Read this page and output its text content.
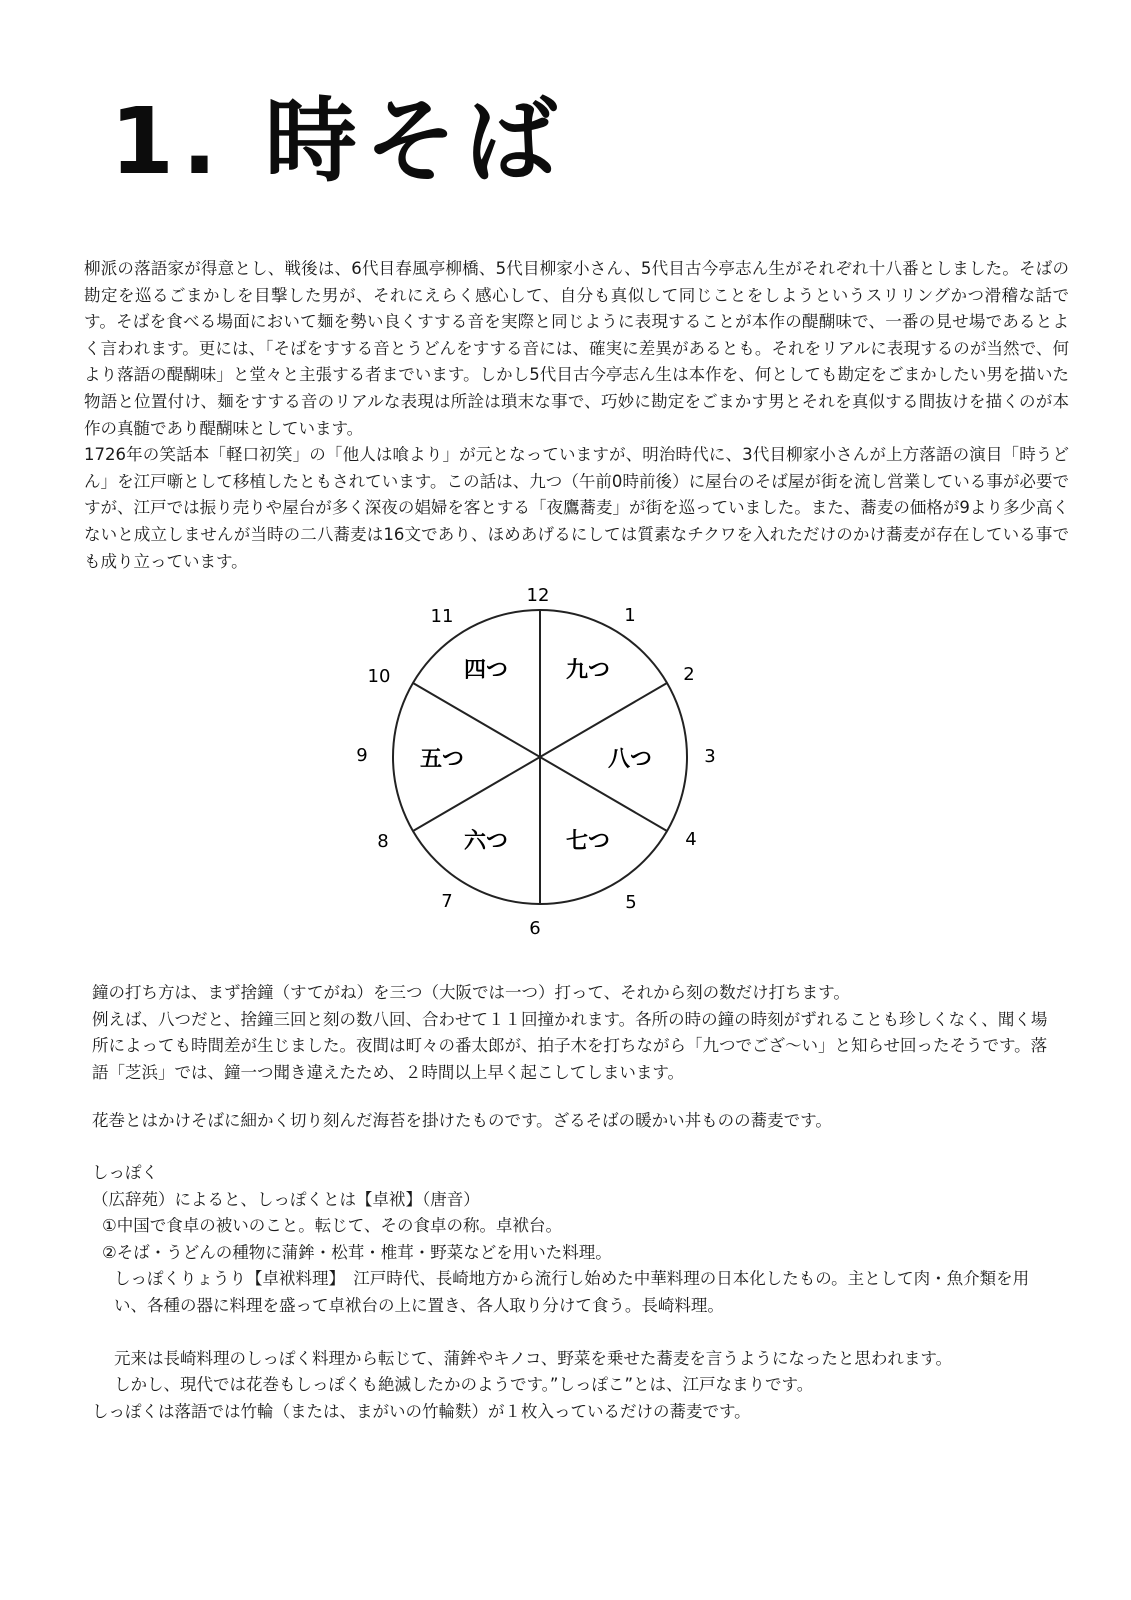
1. 時そば

柳派の落語家が得意とし、戦後は、6代目春風亭柳橋、5代目柳家小さん、5代目古今亭志ん生がそれぞれ十八番としました。そばの勘定を巡るごまかしを目撃した男が、それにえらく感心して、自分も真似して同じことをしようというスリリングかつ滑稽な話です。そばを食べる場面において麺を勢い良くすする音を実際と同じように表現することが本作の醍醐味で、一番の見せ場であるとよく言われます。更には、「そばをすする音とうどんをすする音には、確実に差異があるとも。それをリアルに表現するのが当然で、何より落語の醍醐味」と堂々と主張する者までいます。しかし5代目古今亭志ん生は本作を、何としても勘定をごまかしたい男を描いた物語と位置付け、麺をすする音のリアルな表現は所詮は瑣末な事で、巧妙に勘定をごまかす男とそれを真似する間抜けを描くのが本作の真髄であり醍醐味としています。

1726年の笑話本「軽口初笑」の「他人は喰より」が元となっていますが、明治時代に、3代目柳家小さんが上方落語の演目「時うどん」を江戸噺として移植したともされています。この話は、九つ（午前0時前後）に屋台のそば屋が街を流し営業している事が必要ですが、江戸では振り売りや屋台が多く深夜の娼婦を客とする「夜鷹蕎麦」が街を巡っていました。また、蕎麦の価格が9より多少高くないと成立しませんが当時の二八蕎麦は16文であり、ほめあげるにしては質素なチクワを入れただけのかけ蕎麦が存在している事でも成り立っています。

12
1
2
3
4
5
6
7
8
9
10
11
九つ
八つ
七つ
六つ
五つ
四つ

鐘の打ち方は、まず捨鐘（すてがね）を三つ（大阪では一つ）打って、それから刻の数だけ打ちます。

例えば、八つだと、捨鐘三回と刻の数八回、合わせて１１回撞かれます。各所の時の鐘の時刻がずれることも珍しくなく、聞く場所によっても時間差が生じました。夜間は町々の番太郎が、拍子木を打ちながら「九つでござ〜い」と知らせ回ったそうです。落語「芝浜」では、鐘一つ聞き違えたため、２時間以上早く起こしてしまいます。

花巻とはかけそばに細かく切り刻んだ海苔を掛けたものです。ざるそばの暖かい丼ものの蕎麦です。

しっぽく

（広辞苑）によると、しっぽくとは【卓袱】（唐音）

①中国で食卓の被いのこと。転じて、その食卓の称。卓袱台。

②そば・うどんの種物に蒲鉾・松茸・椎茸・野菜などを用いた料理。

しっぽくりょうり【卓袱料理】　江戸時代、長崎地方から流行し始めた中華料理の日本化したもの。主として肉・魚介類を用い、各種の器に料理を盛って卓袱台の上に置き、各人取り分けて食う。長崎料理。

元来は長崎料理のしっぽく料理から転じて、蒲鉾やキノコ、野菜を乗せた蕎麦を言うようになったと思われます。

しかし、現代では花巻もしっぽくも絶滅したかのようです。”しっぽこ”とは、江戸なまりです。

しっぽくは落語では竹輪（または、まがいの竹輪麩）が１枚入っているだけの蕎麦です。
